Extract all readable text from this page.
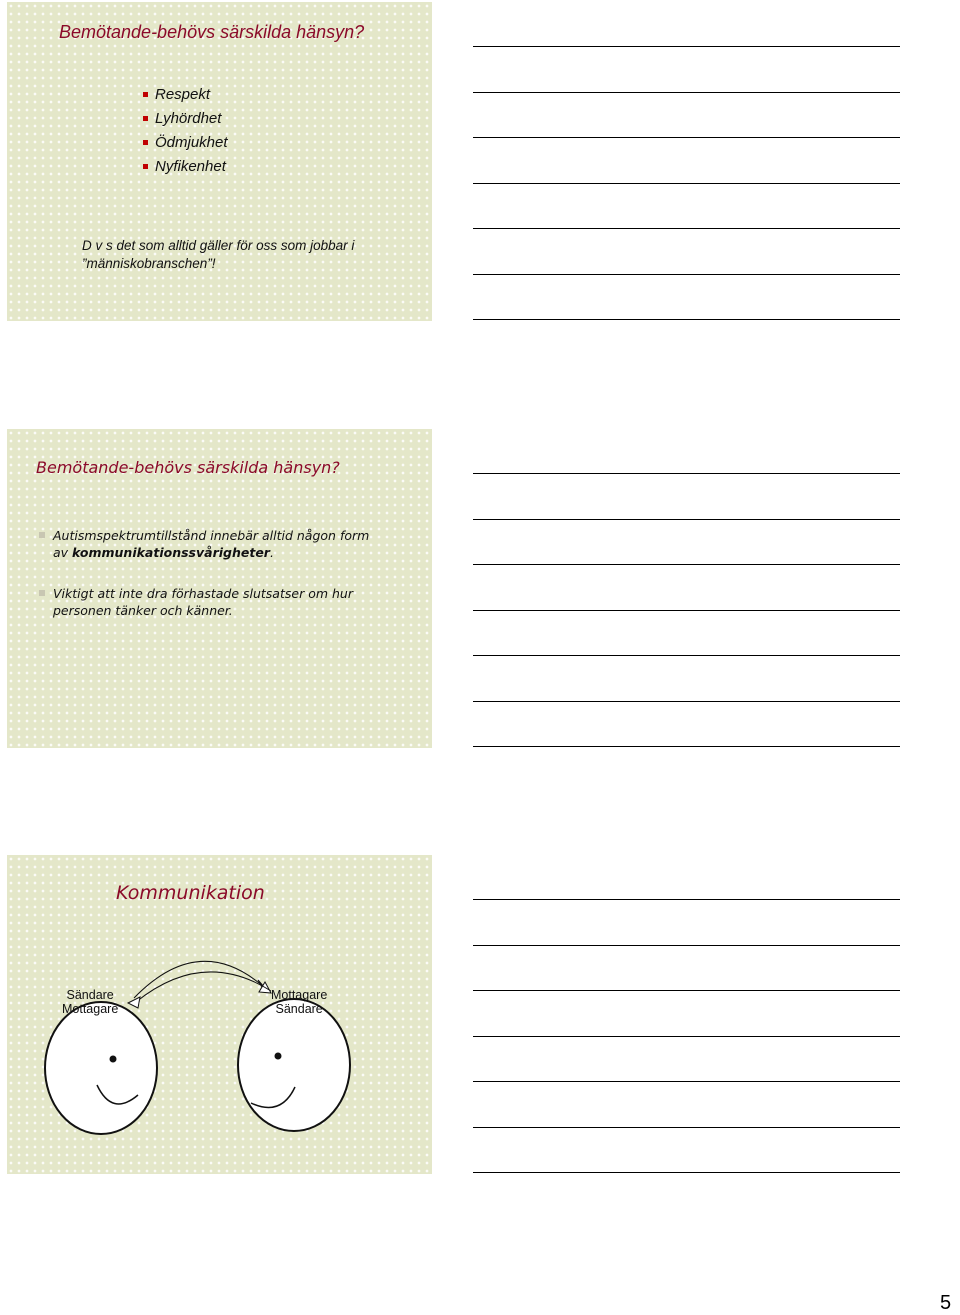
Bemötande-behövs särskilda hänsyn?
Respekt
Lyhördhet
Ödmjukhet
Nyfikenhet
D v s det som alltid gäller för oss som jobbar i
”människobranschen”!
Bemötande-behövs särskilda hänsyn?
Autismspektrumtillstånd innebär alltid någon form
av kommunikationssvårigheter.
Viktigt att inte dra förhastade slutsatser om hur
personen tänker och känner.
Kommunikation
Sändare
Mottagare
Mottagare
Sändare
5
